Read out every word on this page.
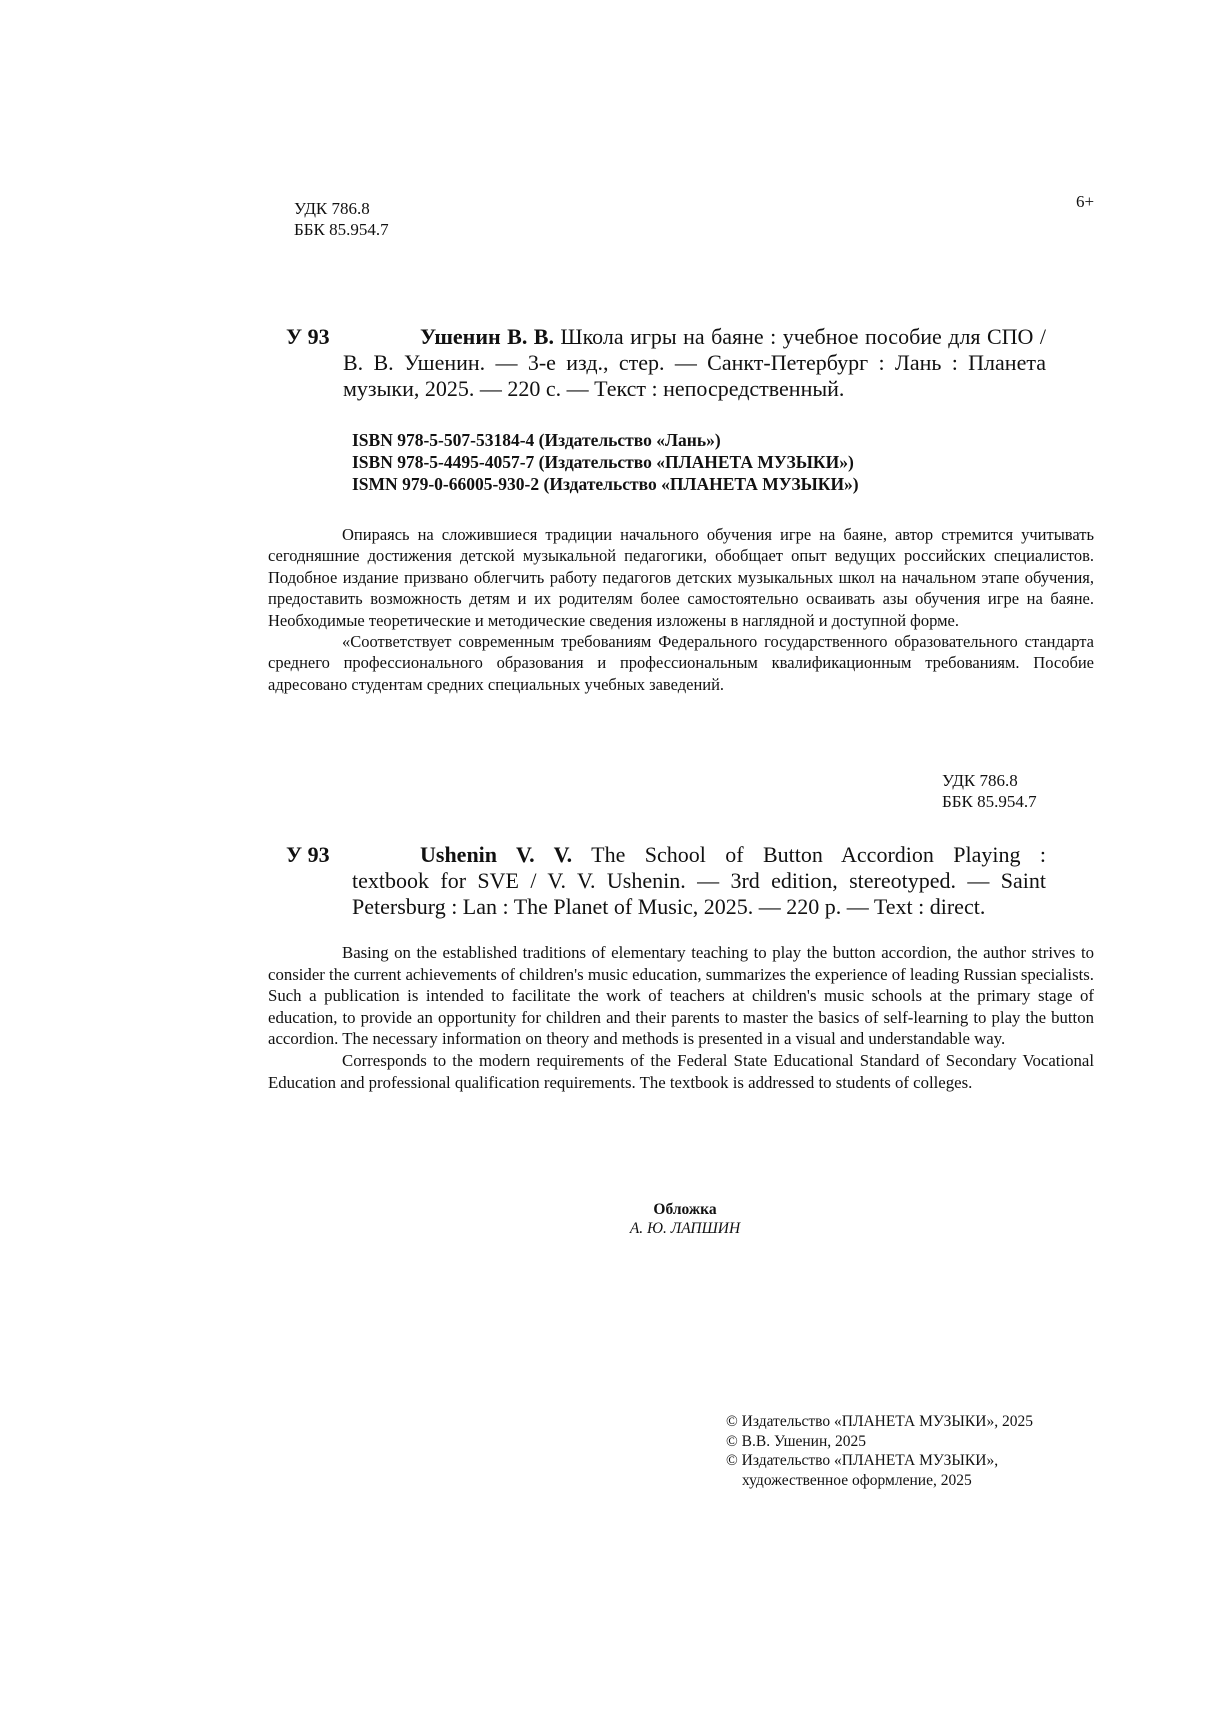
УДК 786.8
ББК 85.954.7
6+
У 93	Ушенин В. В. Школа игры на баяне : учебное пособие для СПО /
В. В. Ушенин. — 3-е изд., стер. — Санкт-Петербург : Лань : Планета
музыки, 2025. — 220 с. — Текст : непосредственный.
ISBN 978-5-507-53184-4 (Издательство «Лань»)
ISBN 978-5-4495-4057-7 (Издательство «ПЛАНЕТА МУЗЫКИ»)
ISMN 979-0-66005-930-2 (Издательство «ПЛАНЕТА МУЗЫКИ»)

Опираясь на сложившиеся традиции начального обучения игре на баяне, автор стремится учитывать сегодняшние достижения детской музыкальной педагогики, обобщает опыт ведущих российских специалистов. Подобное издание призвано облегчить работу педагогов детских музыкальных школ на начальном этапе обучения, предоставить возможность детям и их родителям более самостоятельно осваивать азы обучения игре на баяне. Необходимые теоретические и методические сведения изложены в наглядной и доступной форме.

«Соответствует современным требованиям Федерального государственного образовательного стандарта среднего профессионального образования и профессиональным квалификационным требованиям. Пособие адресовано студентам средних специальных учебных заведений.

УДК 786.8
ББК 85.954.7
У 93	Ushenin V. V. The School of Button Accordion Playing :
textbook for SVE / V. V. Ushenin. — 3rd edition, stereotyped. — Saint
Petersburg : Lan : The Planet of Music, 2025. — 220 p. — Text : direct.

Basing on the established traditions of elementary teaching to play the button accordion, the author strives to consider the current achievements of children's music education, summarizes the experience of leading Russian specialists. Such a publication is intended to facilitate the work of teachers at children's music schools at the primary stage of education, to provide an opportunity for children and their parents to master the basics of self-learning to play the button accordion. The necessary information on theory and methods is presented in a visual and understandable way.

Corresponds to the modern requirements of the Federal State Educational Standard of Secondary Vocational Education and professional qualification requirements. The textbook is addressed to students of colleges.

Обложка
А. Ю. ЛАПШИН
© Издательство «ПЛАНЕТА МУЗЫКИ», 2025
© В.В. Ушенин, 2025
© Издательство «ПЛАНЕТА МУЗЫКИ»,
художественное оформление, 2025
